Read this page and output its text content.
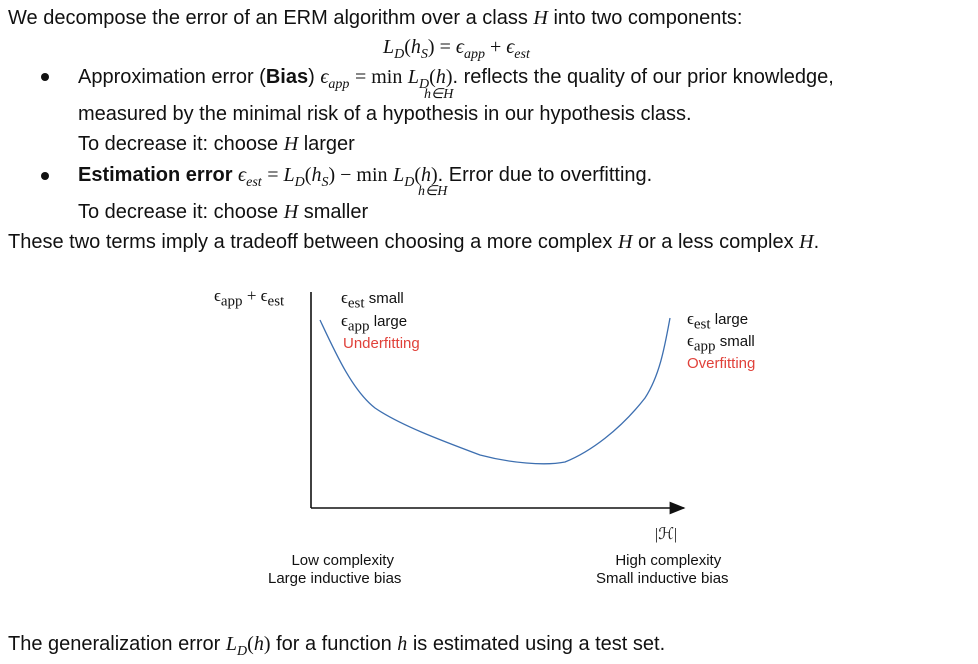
We decompose the error of an ERM algorithm over a class H into two components:
$L_D(h_S) = \epsilon_{app} + \epsilon_{est}$
Approximation error (Bias) $\epsilon_{app} = \min L_D(h)$. reflects the quality of our prior knowledge,
h∈H
measured by the minimal risk of a hypothesis in our hypothesis class.
To decrease it: choose H larger
Estimation error $\epsilon_{est} = L_D(h_S) - \min L_D(h)$. Error due to overfitting.
h∈H
To decrease it: choose H smaller
These two terms imply a tradeoff between choosing a more complex H or a less complex H.
$\epsilon_{app} + \epsilon_{est}$	$\epsilon_{est}$ small
$\epsilon_{app}$ large
Underfitting
$\epsilon_{est}$ large
$\epsilon_{app}$ small
Overfitting
|ℋ|
Low complexity
Large inductive bias
High complexity
Small inductive bias
The generalization error $L_D(h)$ for a function h is estimated using a test set.
